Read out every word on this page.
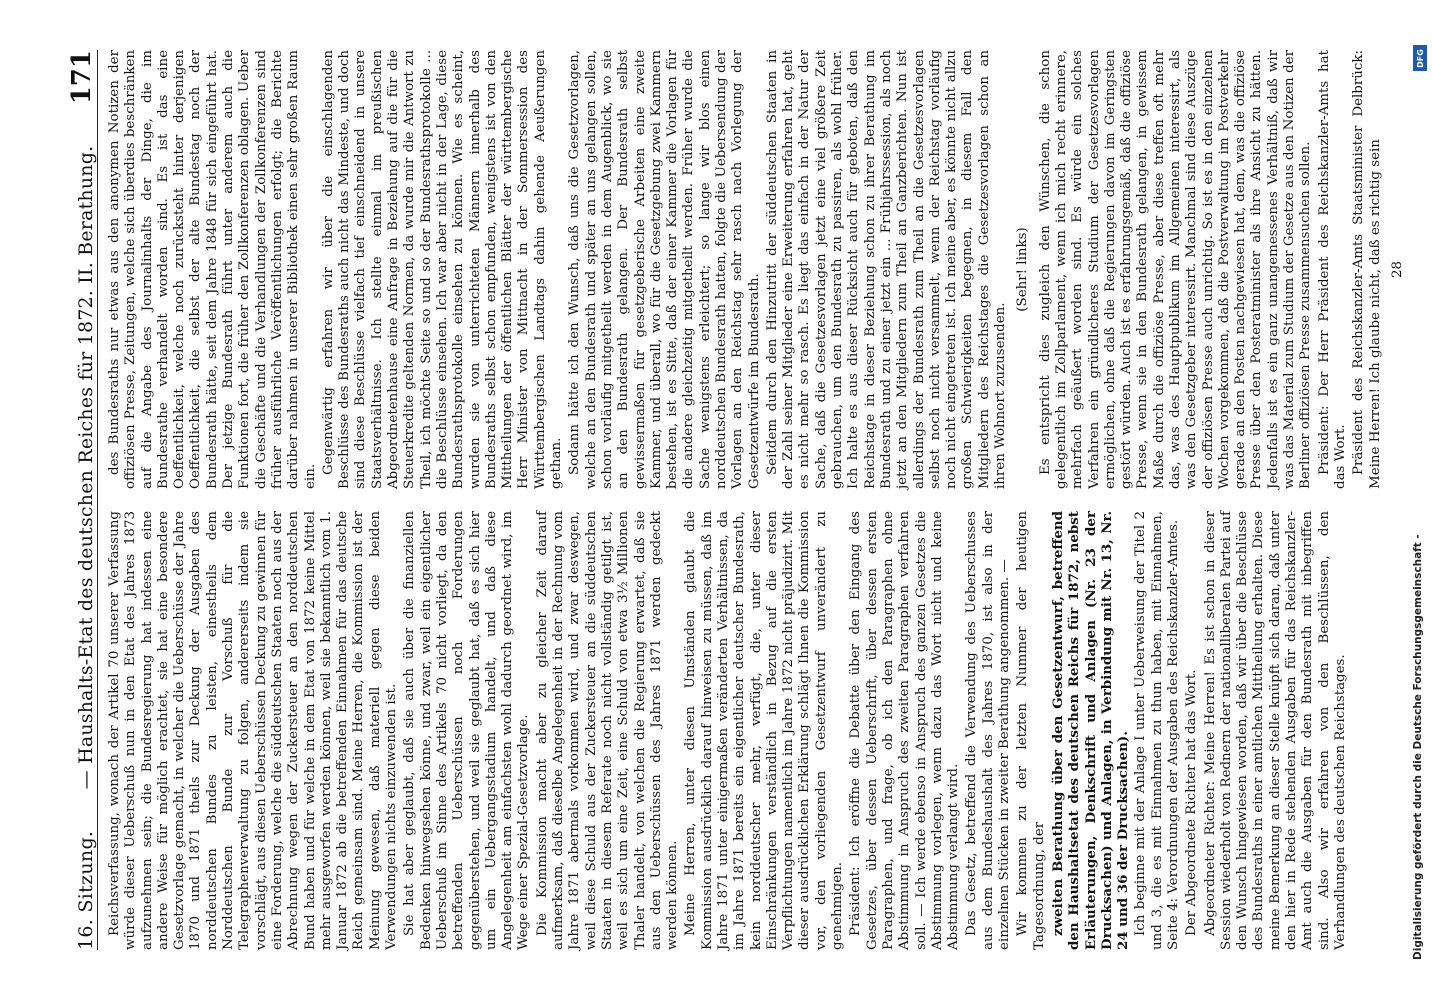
16. Sitzung.
— Haushalts-Etat des deutschen Reiches für 1872. II. Berathung.
171

Reichsverfassung, wonach der Artikel 70 unserer Verfassung würde dieser Ueberschuß nun in den Etat des Jahres 1873 aufzunehmen sein; die Bundesregierung hat indessen eine andere Weise für möglich erachtet, sie hat eine besondere Gesetzvorlage gemacht, in welcher die Ueberschüsse der Jahre 1870 und 1871 theils zur Deckung der Ausgaben des norddeutschen Bundes zu leisten, einestheils dem Norddeutschen Bunde zur Vorschuß für die Telegraphenverwaltung zu folgen, andererseits indem sie vorschlägt, aus diesen Ueberschüssen Deckung zu gewinnen für eine Forderung, welche die süddeutschen Staaten noch aus der Abrechnung wegen der Zuckersteuer an den norddeutschen Bund haben und für welche in dem Etat von 1872 keine Mittel mehr ausgeworfen werden können, weil sie bekanntlich vom 1. Januar 1872 ab die betreffenden Einnahmen für das deutsche Reich gemeinsam sind. Meine Herren, die Kommission ist der Meinung gewesen, daß materiell gegen diese beiden Verwendungen nichts einzuwenden ist. Sie hat aber geglaubt, daß sie auch über die finanziellen Bedenken hinwegsehen könne, und zwar, weil ein eigentlicher Ueberschuß im Sinne des Artikels 70 nicht vorliegt, da den betreffenden Ueberschüssen noch Forderungen gegenüberstehen, und weil sie geglaubt hat, daß es sich hier um ein Uebergangsstadium handelt, und daß diese Angelegenheit am einfachsten wohl dadurch geordnet wird, im Wege einer Spezial-Gesetzvorlage. Die Kommission macht aber zu gleicher Zeit darauf aufmerksam, daß dieselbe Angelegenheit in der Rechnung vom Jahre 1871 abermals vorkommen wird, und zwar deswegen, weil diese Schuld aus der Zuckersteuer an die süddeutschen Staaten in diesem Referate noch nicht vollständig getilgt ist, weil es sich um eine Zeit, eine Schuld von etwa 3½ Millionen Thaler handelt, von welchen die Regierung erwartet, daß sie aus den Ueberschüssen des Jahres 1871 werden gedeckt werden können. Meine Herren, unter diesen Umständen glaubt die Kommission ausdrücklich darauf hinweisen zu müssen, daß im Jahre 1871 unter einigermaßen veränderten Verhältnissen, da im Jahre 1871 bereits ein eigentlicher deutscher Bundesrath, kein norddeutscher mehr, verfügt, die, unter dieser Einschränkungen verständlich in Bezug auf die ersten Verpflichtungen namentlich im Jahre 1872 nicht präjudizirt. Mit dieser ausdrücklichen Erklärung schlägt Ihnen die Kommission vor, den vorliegenden Gesetzentwurf unverändert zu genehmigen. Präsident: Ich eröffne die Debatte über den Eingang des Gesetzes, über dessen Ueberschrift, über dessen ersten Paragraphen, und frage, ob ich den Paragraphen ohne Abstimmung in Anspruch des zweiten Paragraphen verfahren soll. — Ich werde ebenso in Anspruch des ganzen Gesetzes die Abstimmung vorlegen, wenn dazu das Wort nicht und keine Abstimmung verlangt wird. Das Gesetz, betreffend die Verwendung des Ueberschusses aus dem Bundeshaushalt des Jahres 1870, ist also in der einzelnen Stücken in zweiter Berathung angenommen. — Wir kommen zu der letzten Nummer der heutigen Tagesordnung, der zweiten Berathung über den Gesetzentwurf, betreffend den Haushaltsetat des deutschen Reichs für 1872, nebst Erläuterungen, Denkschrift und Anlagen (Nr. 23 der Drucksachen) und Anlagen, in Verbindung mit Nr. 13, Nr. 24 und 36 der Drucksachen). Ich beginne mit der Anlage I unter Ueberweisung der Titel 2 und 3, die es mit Einnahmen zu thun haben, mit Einnahmen, Seite 4: Verordnungen der Ausgaben des Reichskanzler-Amtes. Der Abgeordnete Richter hat das Wort. Abgeordneter Richter: Meine Herren! Es ist schon in dieser Session wiederholt von Rednern der nationalliberalen Partei auf den Wunsch hingewiesen worden, daß wir über die Beschlüsse des Bundesraths in einer amtlichen Mittheilung erhalten. Diese meine Bemerkung an dieser Stelle knüpft sich daran, daß unter den hier in Rede stehenden Ausgaben für das Reichskanzler-Amt auch die Ausgaben für den Bundesrath mit inbegriffen sind. Also wir erfahren von den Beschlüssen, den Verhandlungen des deutschen Reichstages.

des Bundesraths nur etwas aus den anonymen Notizen der offiziösen Presse, Zeitungen, welche sich überdies beschränken auf die Angabe des Journalinhalts der Dinge, die im Bundesrathe verhandelt worden sind. Es ist das eine Oeffentlichkeit, welche noch zurücksteht hinter derjenigen Oeffentlichkeit, die selbst der alte Bundestag noch der Bundesrath hätte, seit dem Jahre 1848 für sich eingeführt hat. Der jetzige Bundesrath führt unter anderem auch die Funktionen fort, die früher den Zollkonferenzen oblagen. Ueber die Geschäfte und die Verhandlungen der Zollkonferenzen sind früher ausführliche Veröffentlichungen erfolgt; die Berichte darüber nahmen in unserer Bibliothek einen sehr großen Raum ein.

Gegenwärtig erfahren wir über die einschlagenden Beschlüsse des Bundesraths auch nicht das Mindeste, und doch sind diese Beschlüsse vielfach tief einschneidend in unsere Staatsverhältnisse. Ich stellte einmal im preußischen Abgeordnetenhause eine Anfrage in Beziehung auf die für die Steuerkredite geltenden Normen, da wurde mir die Antwort zu Theil, ich möchte Seite so und so der Bundesrathsprotokolle ... die Beschlüsse einsehen. Ich war aber nicht in der Lage, diese Bundesrathsprotokolle einsehen zu können. Wie es scheint, wurden sie von unterrichteten Männern innerhalb des Bundesraths selbst schon empfunden, wenigstens ist von den Mittheilungen der öffentlichen Blätter der württembergische Herr Minister von Mittnacht in der Sommersession des Württembergischen Landtags dahin gehende Aeußerungen gethan. Sodann hätte ich den Wunsch, daß uns die Gesetzvorlagen, welche an den Bundesrath und später an uns gelangen sollen, schon vorläufig mitgetheilt werden in dem Augenblick, wo sie an den Bundesrath gelangen. Der Bundesrath selbst gewissermaßen für gesetzgeberische Arbeiten eine zweite Kammer, und überall, wo für die Gesetzgebung zwei Kammern bestehen, ist es Sitte, daß der einer Kammer die Vorlagen für die andere gleichzeitig mitgetheilt werden. Früher wurde die Sache wenigstens erleichtert; so lange wir blos einen norddeutschen Bundesrath hatten, folgte die Uebersendung der Vorlagen an den Reichstag sehr rasch nach Vorlegung der Gesetzentwürfe im Bundesrath. Seitdem durch den Hinzutritt der süddeutschen Staaten in der Zahl seiner Mitglieder eine Erweiterung erfahren hat, geht es nicht mehr so rasch. Es liegt das einfach in der Natur der Sache, daß die Gesetzesvorlagen jetzt eine viel größere Zeit gebrauchen, um den Bundesrath zu passiren, als wohl früher. Ich halte es aus dieser Rücksicht auch für geboten, daß den Reichstage in dieser Beziehung schon zu ihrer Berathung im Bundesrath und zu einer jetzt ein ... Frühjahrssession, als noch jetzt an den Mitgliedern zum Theil an Ganzberichten. Nun ist allerdings der Bundesrath zum Theil an die Gesetzesvorlagen selbst noch nicht versammelt, wenn der Reichstag vorläufig noch nicht eingetreten ist. Ich meine aber, es könnte nicht allzu großen Schwierigkeiten begegnen, in diesem Fall den Mitgliedern des Reichstages die Gesetzesvorlagen schon an ihren Wohnort zuzusenden.

(Sehr! links) Es entspricht dies zugleich den Wünschen, die schon gelegentlich im Zollparlament, wenn ich mich recht erinnere, mehrfach geäußert worden sind. Es würde ein solches Verfahren ein gründlicheres Studium der Gesetzesvorlagen ermöglichen, ohne daß die Regierungen davon im Geringsten gestört würden. Auch ist es erfahrungsgemäß, daß die offiziöse Presse, wenn sie in den Bundesrath gelangen, in gewissem Maße durch die offiziöse Presse, aber diese treffen oft mehr das, was des Hauptpublikum im Allgemeinen interessirt, als was den Gesetzgeber interessirt. Manchmal sind diese Auszüge der offiziösen Presse auch unrichtig. So ist es in den einzelnen Wochen vorgekommen, daß die Postverwaltung im Postverkehr gerade an den Posten nachgewiesen hat, dem, was die offiziöse Presse über den Posteratminister als ihre Ansicht zu hätten. Jedenfalls ist es ein ganz unangemessenes Verhältniß, daß wir was das Material zum Studium der Gesetze aus den Notizen der Berliner offiziösen Presse zusammensuchen sollen. Präsident: Der Herr Präsident des Reichskanzler-Amts hat das Wort. Präsident des Reichskanzler-Amts Staatsminister Delbrück: Meine Herren! Ich glaube nicht, daß es richtig sein 28

Digitalisierung gefördert durch die Deutsche Forschungsgemeinschaft -
DFG
